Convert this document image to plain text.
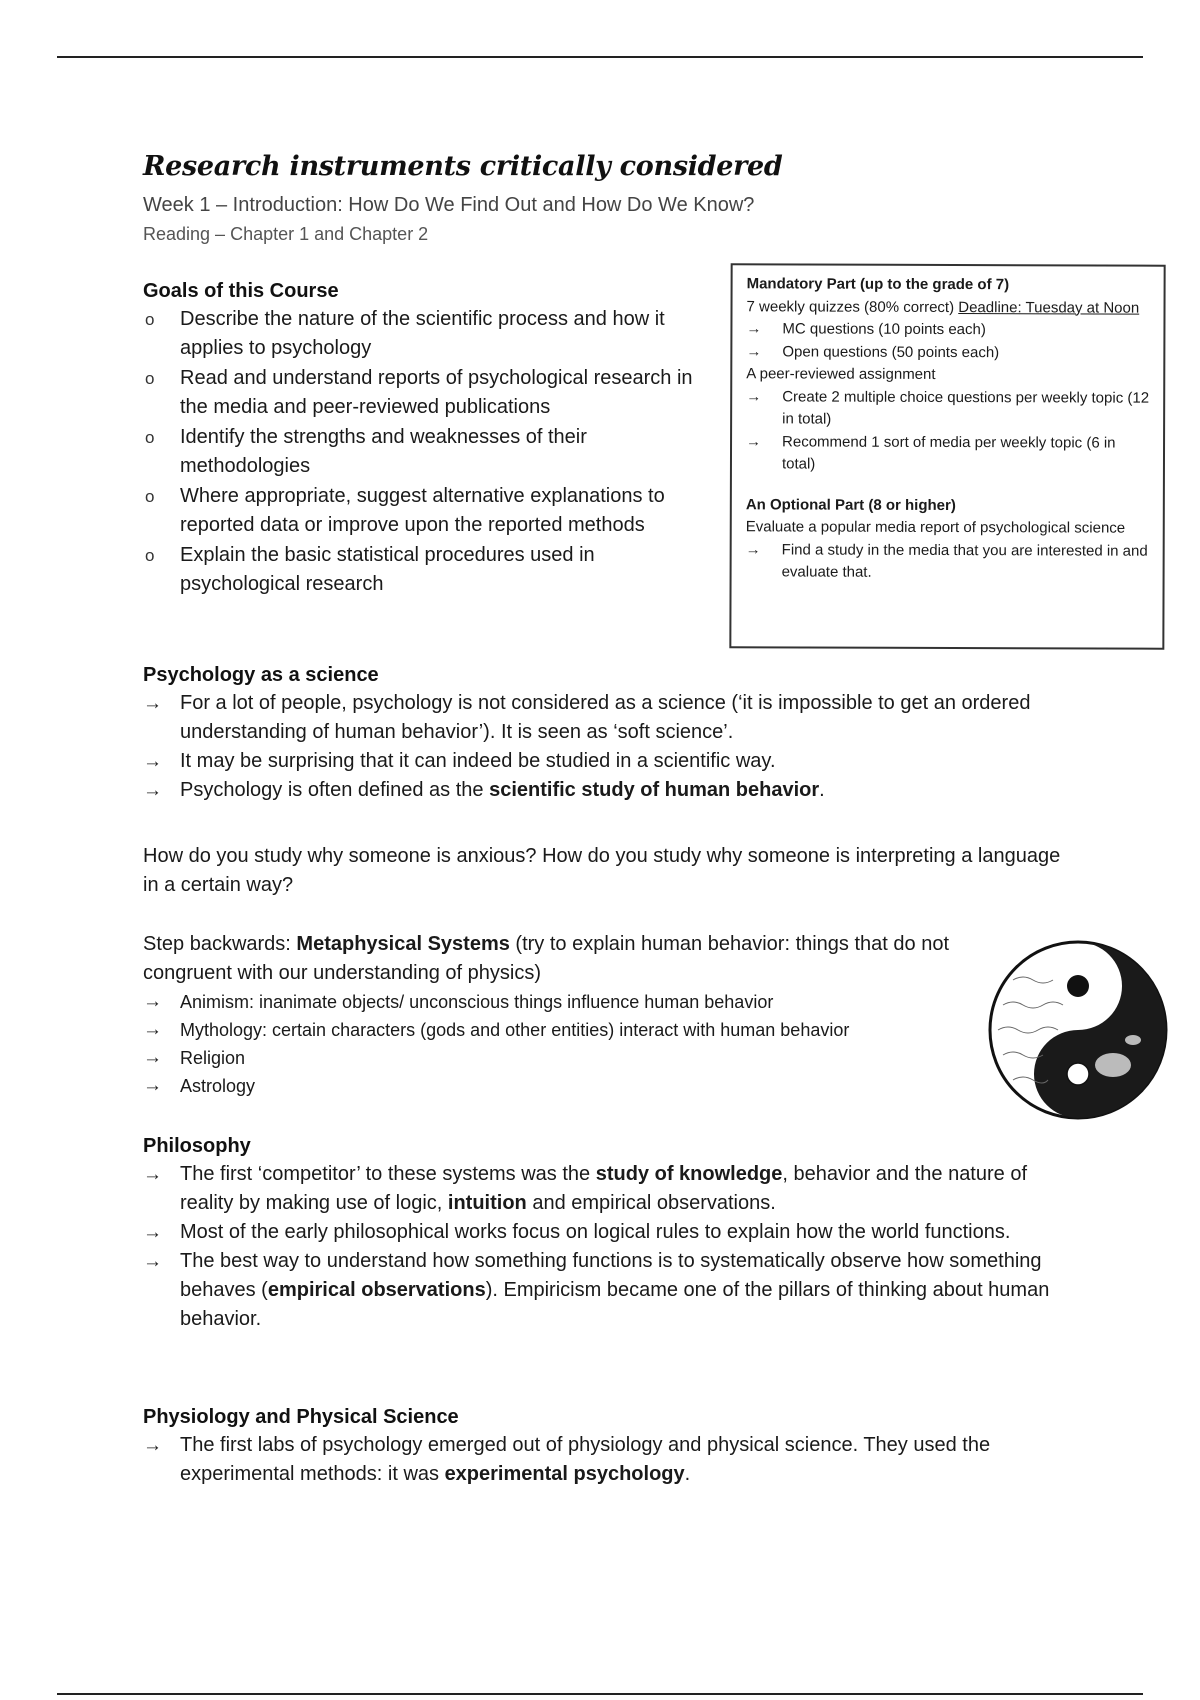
Research instruments critically considered

Week 1 – Introduction: How Do We Find Out and How Do We Know?

Reading – Chapter 1 and Chapter 2

Goals of this Course
o Describe the nature of the scientific process and how it applies to psychology
o Read and understand reports of psychological research in the media and peer-reviewed publications
o Identify the strengths and weaknesses of their methodologies
o Where appropriate, suggest alternative explanations to reported data or improve upon the reported methods
o Explain the basic statistical procedures used in psychological research

Mandatory Part (up to the grade of 7)

7 weekly quizzes (80% correct) Deadline: Tuesday at Noon

→ MC questions (10 points each)
→ Open questions (50 points each)

A peer-reviewed assignment

→ Create 2 multiple choice questions per weekly topic (12 in total)
→ Recommend 1 sort of media per weekly topic (6 in total)

An Optional Part (8 or higher)

Evaluate a popular media report of psychological science

→ Find a study in the media that you are interested in and evaluate that.
Psychology as a science
→ For a lot of people, psychology is not considered as a science (‘it is impossible to get an ordered understanding of human behavior’). It is seen as ‘soft science’.
→ It may be surprising that it can indeed be studied in a scientific way.
→ Psychology is often defined as the scientific study of human behavior.

How do you study why someone is anxious? How do you study why someone is interpreting a language in a certain way?

Step backwards: Metaphysical Systems (try to explain human behavior: things that do not congruent with our understanding of physics)

→ Animism: inanimate objects/ unconscious things influence human behavior
→ Mythology: certain characters (gods and other entities) interact with human behavior
→ Religion
→ Astrology
Philosophy
→ The first ‘competitor’ to these systems was the study of knowledge, behavior and the nature of reality by making use of logic, intuition and empirical observations.
→ Most of the early philosophical works focus on logical rules to explain how the world functions.
→ The best way to understand how something functions is to systematically observe how something behaves (empirical observations). Empiricism became one of the pillars of thinking about human behavior.
Physiology and Physical Science
→ The first labs of psychology emerged out of physiology and physical science. They used the experimental methods: it was experimental psychology.
